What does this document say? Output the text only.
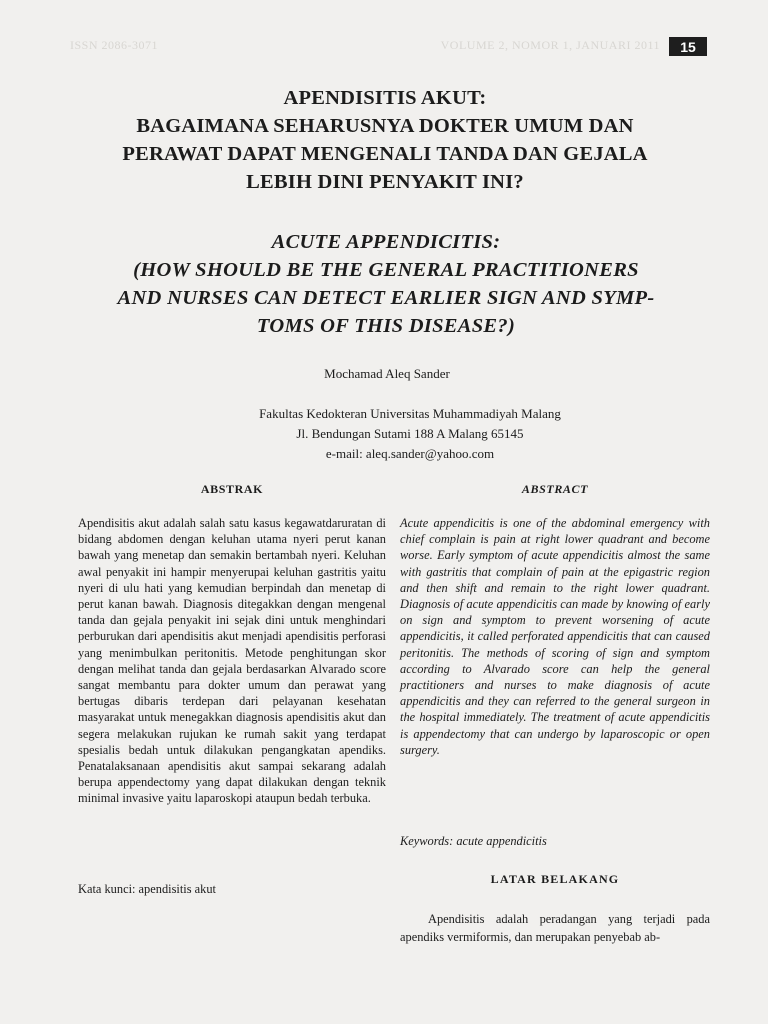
ISSN 2086-3071	VOLUME 2, NOMOR 1, JANUARI 2011	15
APENDISITIS AKUT:
BAGAIMANA SEHARUSNYA DOKTER UMUM DAN
PERAWAT DAPAT MENGENALI TANDA DAN GEJALA
LEBIH DINI PENYAKIT INI?
ACUTE APPENDICITIS:
(HOW SHOULD BE THE GENERAL PRACTITIONERS
AND NURSES CAN DETECT EARLIER SIGN AND SYMP-
TOMS OF THIS DISEASE?)
Mochamad Aleq Sander
Fakultas Kedokteran Universitas Muhammadiyah Malang
Jl. Bendungan Sutami 188 A Malang 65145
e-mail: aleq.sander@yahoo.com
ABSTRAK

Apendisitis akut adalah salah satu kasus kegawatdaruratan di bidang abdomen dengan keluhan utama nyeri perut kanan bawah yang menetap dan semakin bertambah nyeri. Keluhan awal penyakit ini hampir menyerupai keluhan gastritis yaitu nyeri di ulu hati yang kemudian berpindah dan menetap di perut kanan bawah. Diagnosis ditegakkan dengan mengenal tanda dan gejala penyakit ini sejak dini untuk menghindari perburukan dari apendisitis akut menjadi apendisitis perforasi yang menimbulkan peritonitis. Metode penghitungan skor dengan melihat tanda dan gejala berdasarkan Alvarado score sangat membantu para dokter umum dan perawat yang bertugas dibaris terdepan dari pelayanan kesehatan masyarakat untuk menegakkan diagnosis apendisitis akut dan segera melakukan rujukan ke rumah sakit yang terdapat spesialis bedah untuk dilakukan pengangkatan apendiks. Penatalaksanaan apendisitis akut sampai sekarang adalah berupa appendectomy yang dapat dilakukan dengan teknik minimal invasive yaitu laparoskopi ataupun bedah terbuka.

Kata kunci: apendisitis akut
ABSTRACT

Acute appendicitis is one of the abdominal emergency with chief complain is pain at right lower quadrant and become worse. Early symptom of acute appendicitis almost the same with gastritis that complain of pain at the epigastric region and then shift and remain to the right lower quadrant. Diagnosis of acute appendicitis can made by knowing of early on sign and symptom to prevent worsening of acute appendicitis, it called perforated appendicitis that can caused peritonitis. The methods of scoring of sign and symptom according to Alvarado score can help the general practitioners and nurses to make diagnosis of acute appendicitis and they can referred to the general surgeon in the hospital immediately. The treatment of acute appendicitis is appendectomy that can undergo by laparoscopic or open surgery.

Keywords: acute appendicitis
LATAR BELAKANG

Apendisitis adalah peradangan yang terjadi pada apendiks vermiformis, dan merupakan penyebab ab-
